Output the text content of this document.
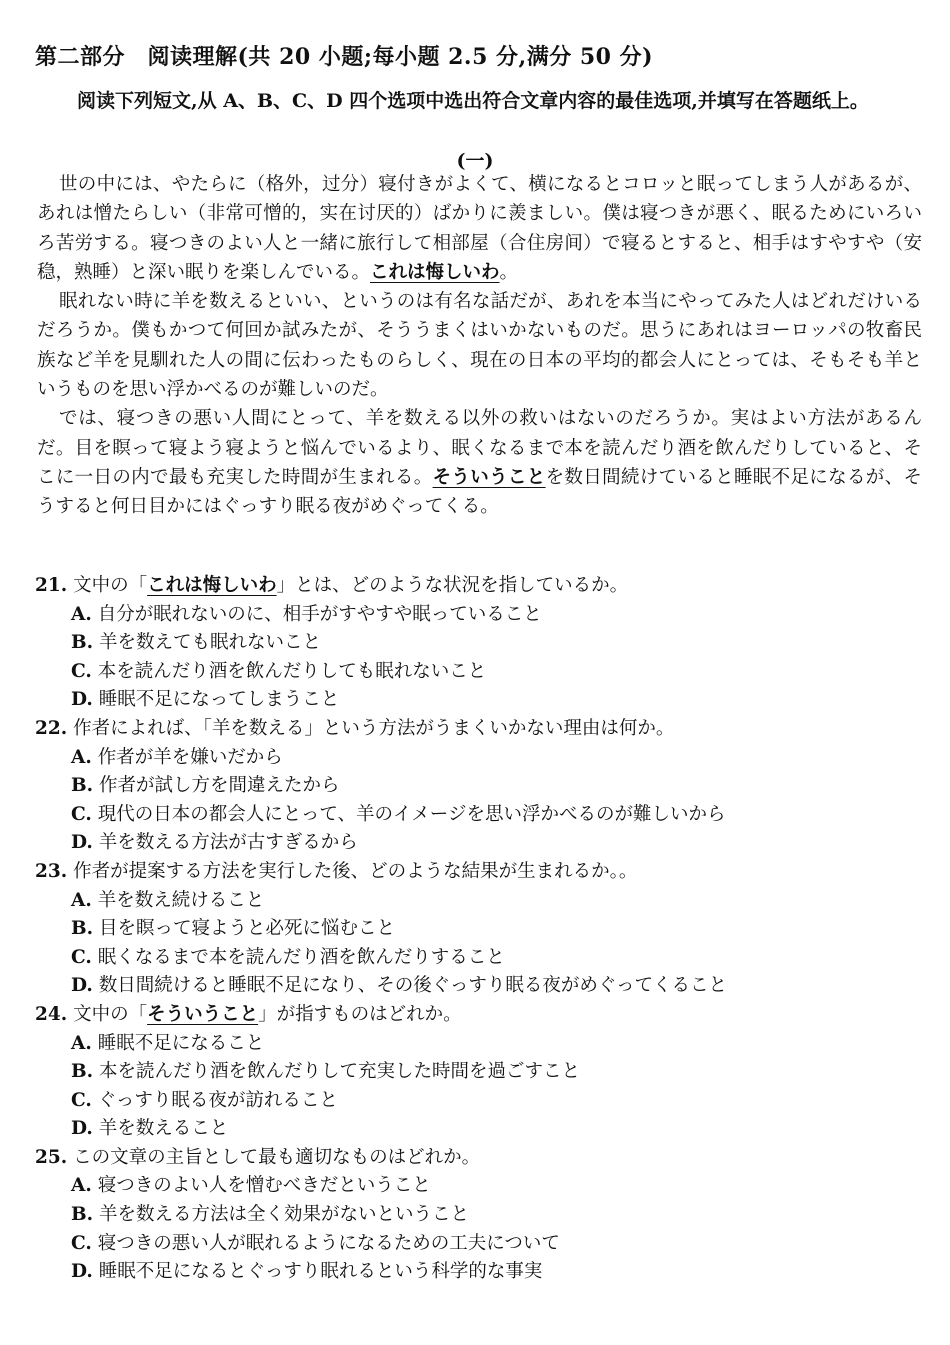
第二部分　阅读理解(共 20 小题;每小题 2.5 分,满分 50 分)
阅读下列短文,从 A、B、C、D 四个选项中选出符合文章内容的最佳选项,并填写在答题纸上。
(一)

世の中には、やたらに（格外，过分）寝付きがよくて、横になるとコロッと眠ってしまう人があるが、あれは憎たらしい（非常可憎的，实在讨厌的）ばかりに羨ましい。僕は寝つきが悪く、眠るためにいろいろ苦労する。寝つきのよい人と一緒に旅行して相部屋（合住房间）で寝るとすると、相手はすやすや（安稳，熟睡）と深い眠りを楽しんでいる。これは悔しいわ。

眠れない時に羊を数えるといい、というのは有名な話だが、あれを本当にやってみた人はどれだけいるだろうか。僕もかつて何回か試みたが、そううまくはいかないものだ。思うにあれはヨーロッパの牧畜民族など羊を見馴れた人の間に伝わったものらしく、現在の日本の平均的都会人にとっては、そもそも羊というものを思い浮かべるのが難しいのだ。

では、寝つきの悪い人間にとって、羊を数える以外の救いはないのだろうか。実はよい方法があるんだ。目を瞑って寝よう寝ようと悩んでいるより、眠くなるまで本を読んだり酒を飲んだりしていると、そこに一日の内で最も充実した時間が生まれる。そういうことを数日間続けていると睡眠不足になるが、そうすると何日目かにはぐっすり眠る夜がめぐってくる。

21. 文中の「これは悔しいわ」とは、どのような状況を指しているか。
A. 自分が眠れないのに、相手がすやすや眠っていること
B. 羊を数えても眠れないこと
C. 本を読んだり酒を飲んだりしても眠れないこと
D. 睡眠不足になってしまうこと
22. 作者によれば、「羊を数える」という方法がうまくいかない理由は何か。
A. 作者が羊を嫌いだから
B. 作者が試し方を間違えたから
C. 現代の日本の都会人にとって、羊のイメージを思い浮かべるのが難しいから
D. 羊を数える方法が古すぎるから
23. 作者が提案する方法を実行した後、どのような結果が生まれるか。。
A. 羊を数え続けること
B. 目を瞑って寝ようと必死に悩むこと
C. 眠くなるまで本を読んだり酒を飲んだりすること
D. 数日間続けると睡眠不足になり、その後ぐっすり眠る夜がめぐってくること
24. 文中の「そういうこと」が指すものはどれか。
A. 睡眠不足になること
B. 本を読んだり酒を飲んだりして充実した時間を過ごすこと
C. ぐっすり眠る夜が訪れること
D. 羊を数えること
25. この文章の主旨として最も適切なものはどれか。
A. 寝つきのよい人を憎むべきだということ
B. 羊を数える方法は全く効果がないということ
C. 寝つきの悪い人が眠れるようになるための工夫について
D. 睡眠不足になるとぐっすり眠れるという科学的な事実
